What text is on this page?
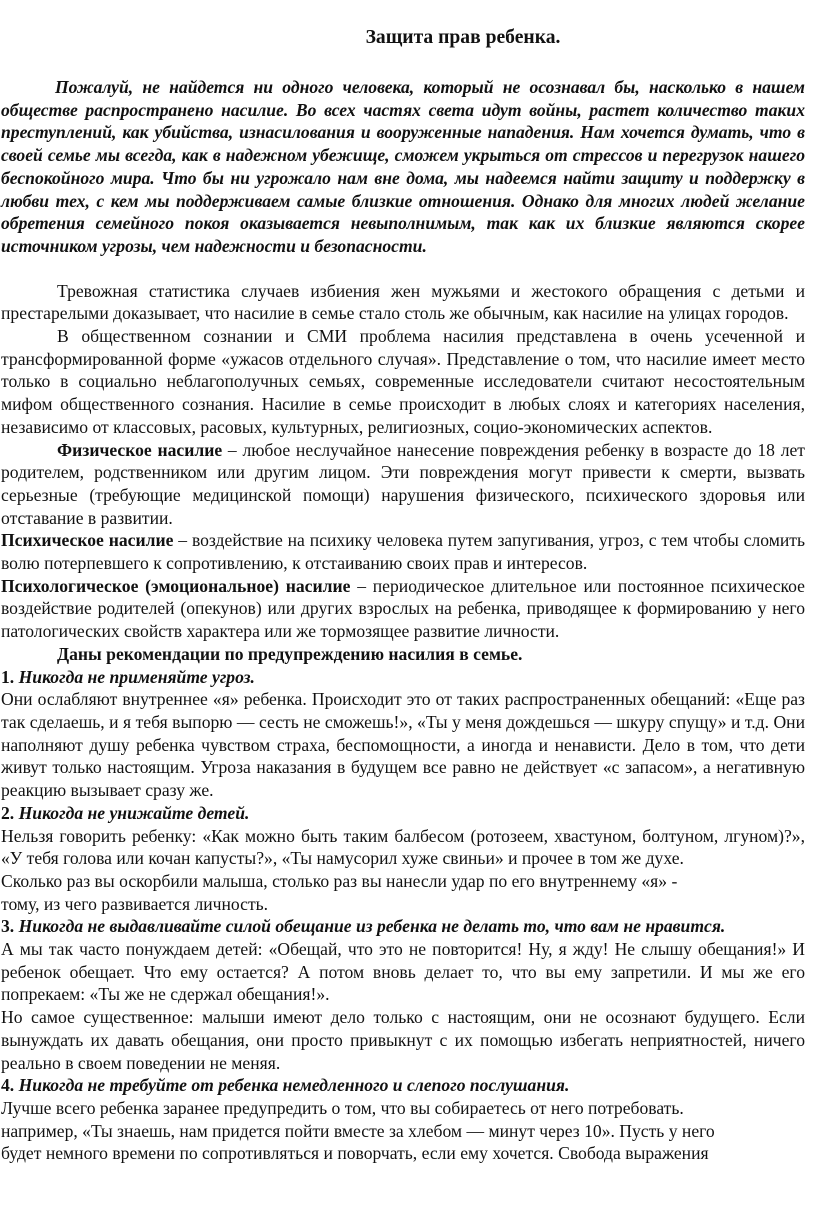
Защита прав ребенка.

Пожалуй, не найдется ни одного человека, который не осознавал бы, насколько в нашем обществе распространено насилие. Во всех частях света идут войны, растет количество таких преступлений, как убийства, изнасилования и вооруженные нападения. Нам хочется думать, что в своей семье мы всегда, как в надежном убежище, сможем укрыться от стрессов и перегрузок нашего беспокойного мира. Что бы ни угрожало нам вне дома, мы надеемся найти защиту и поддержку в любви тех, с кем мы поддерживаем самые близкие отношения. Однако для многих людей желание обретения семейного покоя оказывается невыполнимым, так как их близкие являются скорее источником угрозы, чем надежности и безопасности.

Тревожная статистика случаев избиения жен мужьями и жестокого обращения с детьми и престарелыми доказывает, что насилие в семье стало столь же обычным, как насилие на улицах городов.

В общественном сознании и СМИ проблема насилия представлена в очень усеченной и трансформированной форме «ужасов отдельного случая». Представление о том, что насилие имеет место только в социально неблагополучных семьях, современные исследователи считают несостоятельным мифом общественного сознания. Насилие в семье происходит в любых слоях и категориях населения, независимо от классовых, расовых, культурных, религиозных, социо-экономических аспектов.

Физическое насилие – любое неслучайное нанесение повреждения ребенку в возрасте до 18 лет родителем, родственником или другим лицом. Эти повреждения могут привести к смерти, вызвать серьезные (требующие медицинской помощи) нарушения физического, психического здоровья или отставание в развитии.

Психическое насилие – воздействие на психику человека путем запугивания, угроз, с тем чтобы сломить волю потерпевшего к сопротивлению, к отстаиванию своих прав и интересов.

Психологическое (эмоциональное) насилие – периодическое длительное или постоянное психическое воздействие родителей (опекунов) или других взрослых на ребенка, приводящее к формированию у него патологических свойств характера или же тормозящее развитие личности.

Даны рекомендации по предупреждению насилия в семье.

1. Никогда не применяйте угроз.

Они ослабляют внутреннее «я» ребенка. Происходит это от таких распространенных обещаний: «Еще раз так сделаешь, и я тебя выпорю — сесть не сможешь!», «Ты у меня дождешься — шкуру спущу» и т.д. Они наполняют душу ребенка чувством страха, беспомощности, а иногда и ненависти. Дело в том, что дети живут только настоящим. Угроза наказания в будущем все равно не действует «с запасом», а негативную реакцию вызывает сразу же.

2. Никогда не унижайте детей.

Нельзя говорить ребенку: «Как можно быть таким балбесом (ротозеем, хвастуном, болтуном, лгуном)?», «У тебя голова или кочан капусты?», «Ты намусорил хуже свиньи» и прочее в том же духе.

Сколько раз вы оскорбили малыша, столько раз вы нанесли удар по его внутреннему «я» -

тому, из чего развивается личность.

3. Никогда не выдавливайте силой обещание из ребенка не делать то, что вам не нравится.

А мы так часто понуждаем детей: «Обещай, что это не повторится! Ну, я жду! Не слышу обещания!» И ребенок обещает. Что ему остается? А потом вновь делает то, что вы ему запретили. И мы же его попрекаем: «Ты же не сдержал обещания!».

Но самое существенное: малыши имеют дело только с настоящим, они не осознают будущего. Если вынуждать их давать обещания, они просто привыкнут с их помощью избегать неприятностей, ничего реально в своем поведении не меняя.

4. Никогда не требуйте от ребенка немедленного и слепого послушания.

Лучше всего ребенка заранее предупредить о том, что вы собираетесь от него потребовать.

например, «Ты знаешь, нам придется пойти вместе за хлебом — минут через 10». Пусть у него

будет немного времени по сопротивляться и поворчать, если ему хочется. Свобода выражения
